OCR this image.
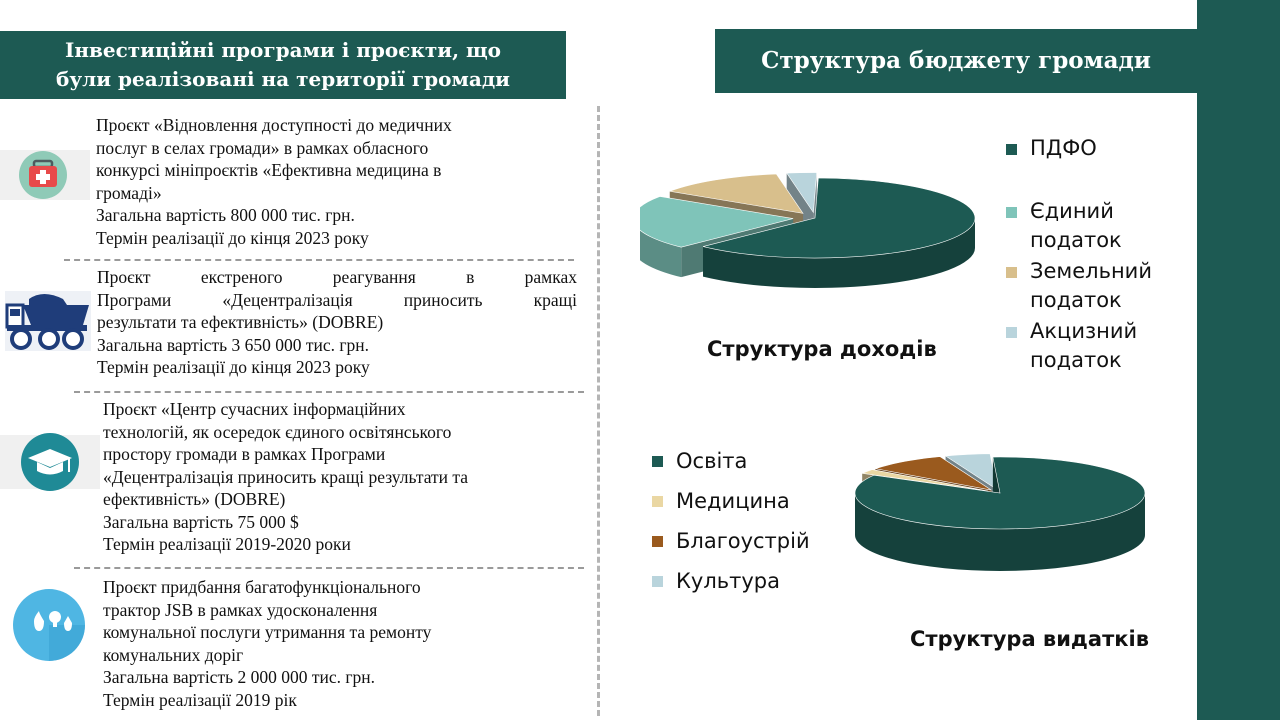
Інвестиційні програми і проєкти, що
були реалізовані на території громади
Структура бюджету громади

Проєкт «Відновлення доступності до медичних

послуг в селах громади» в рамках обласного

конкурсі мініпроєктів «Ефективна медицина в

громаді»

Загальна вартість 800 000 тис. грн.

Термін реалізації до кінця 2023 року

Проєкт екстреного реагування в рамках

Програми «Децентралізація приносить кращі

результати та ефективність» (DOBRE)

Загальна вартість 3 650 000 тис. грн.

Термін реалізації до кінця 2023 року

Проєкт «Центр сучасних інформаційних

технологій, як осередок єдиного освітянського

простору громади в рамках Програми

«Децентралізація приносить кращі результати та

ефективність» (DOBRE)

Загальна вартість 75 000 $

Термін реалізації 2019-2020 роки

Проєкт придбання багатофункціонального

трактор JSB в рамках удосконалення

комунальної послуги утримання та ремонту

комунальних доріг

Загальна вартість 2 000 000 тис. грн.

Термін реалізації 2019 рік

ПДФО
Єдиний
податок
Земельний
податок
Акцизний
податок
Структура доходів
Освіта
Медицина
Благоустрій
Культура
Структура видатків
